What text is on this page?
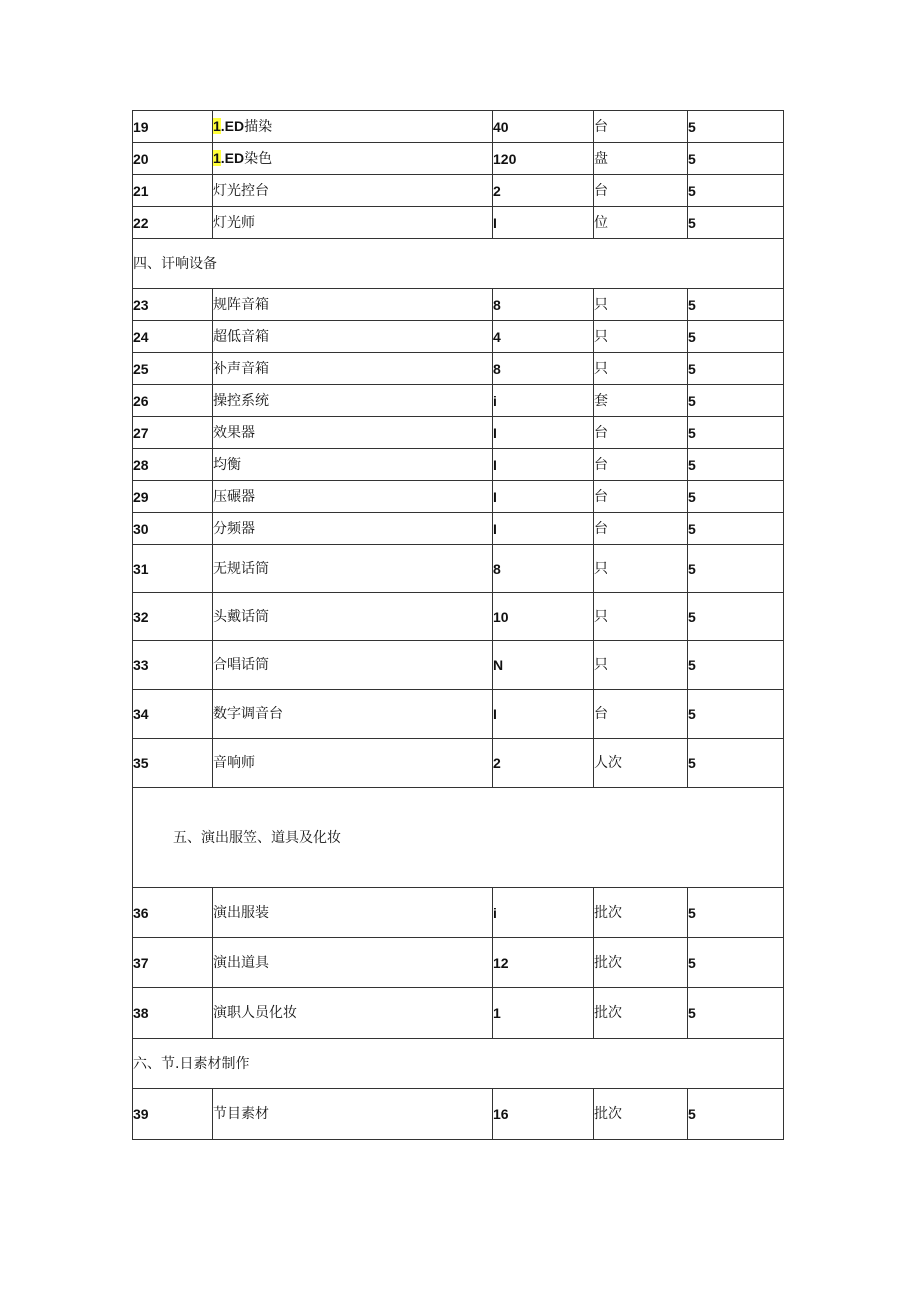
19	1.ED描染	40	台	5
20	1.ED染色	120	盘	5
21	灯光控台	2	台	5
22	灯光师	I	位	5
四、讦响设备				
23	规阵音箱	8	只	5
24	超低音箱	4	只	5
25	补声音箱	8	只	5
26	操控系统	i	套	5
27	效果器	I	台	5
28	均衡	I	台	5
29	压碾器	I	台	5
30	分频器	I	台	5
31	无规话筒	8	只	5
32	头戴话筒	10	只	5
33	合唱话筒	N	只	5
34	数字调音台	I	台	5
35	音响师	2	人次	5
五、演出服笠、道具及化妆				
36	演出服装	i	批次	5
37	演出道具	12	批次	5
38	演职人员化妆	1	批次	5
六、节.日素材制作				
39	节目素材	16	批次	5
